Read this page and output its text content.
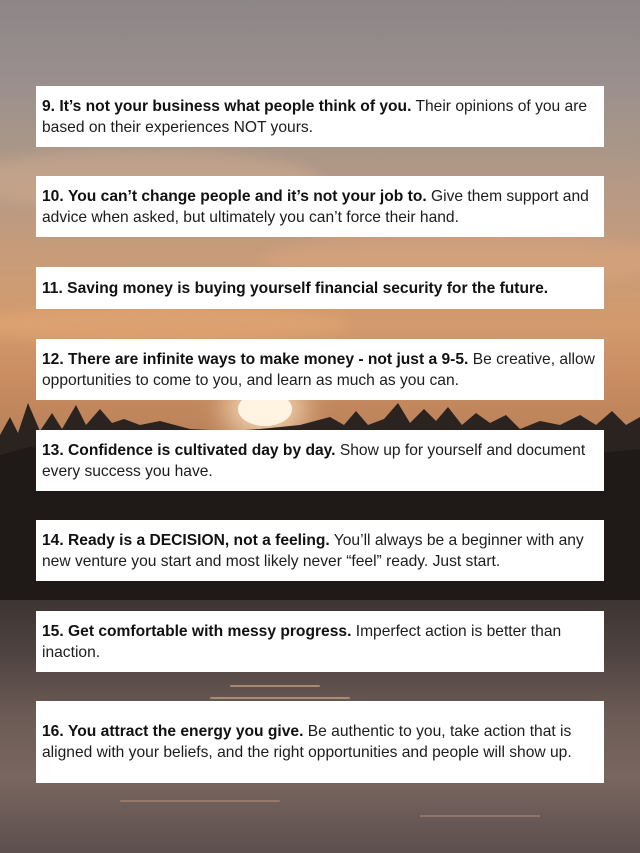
9. It’s not your business what people think of you. Their opinions of you are based on their experiences NOT yours.

10. You can’t change people and it’s not your job to. Give them support and advice when asked, but ultimately you can’t force their hand.

11. Saving money is buying yourself financial security for the future.

12. There are infinite ways to make money - not just a 9-5. Be creative, allow opportunities to come to you, and learn as much as you can.

13. Confidence is cultivated day by day. Show up for yourself and document every success you have.

14. Ready is a DECISION, not a feeling. You’ll always be a beginner with any new venture you start and most likely never “feel” ready. Just start.

15. Get comfortable with messy progress. Imperfect action is better than inaction.

16. You attract the energy you give. Be authentic to you, take action that is aligned with your beliefs, and the right opportunities and people will show up.
